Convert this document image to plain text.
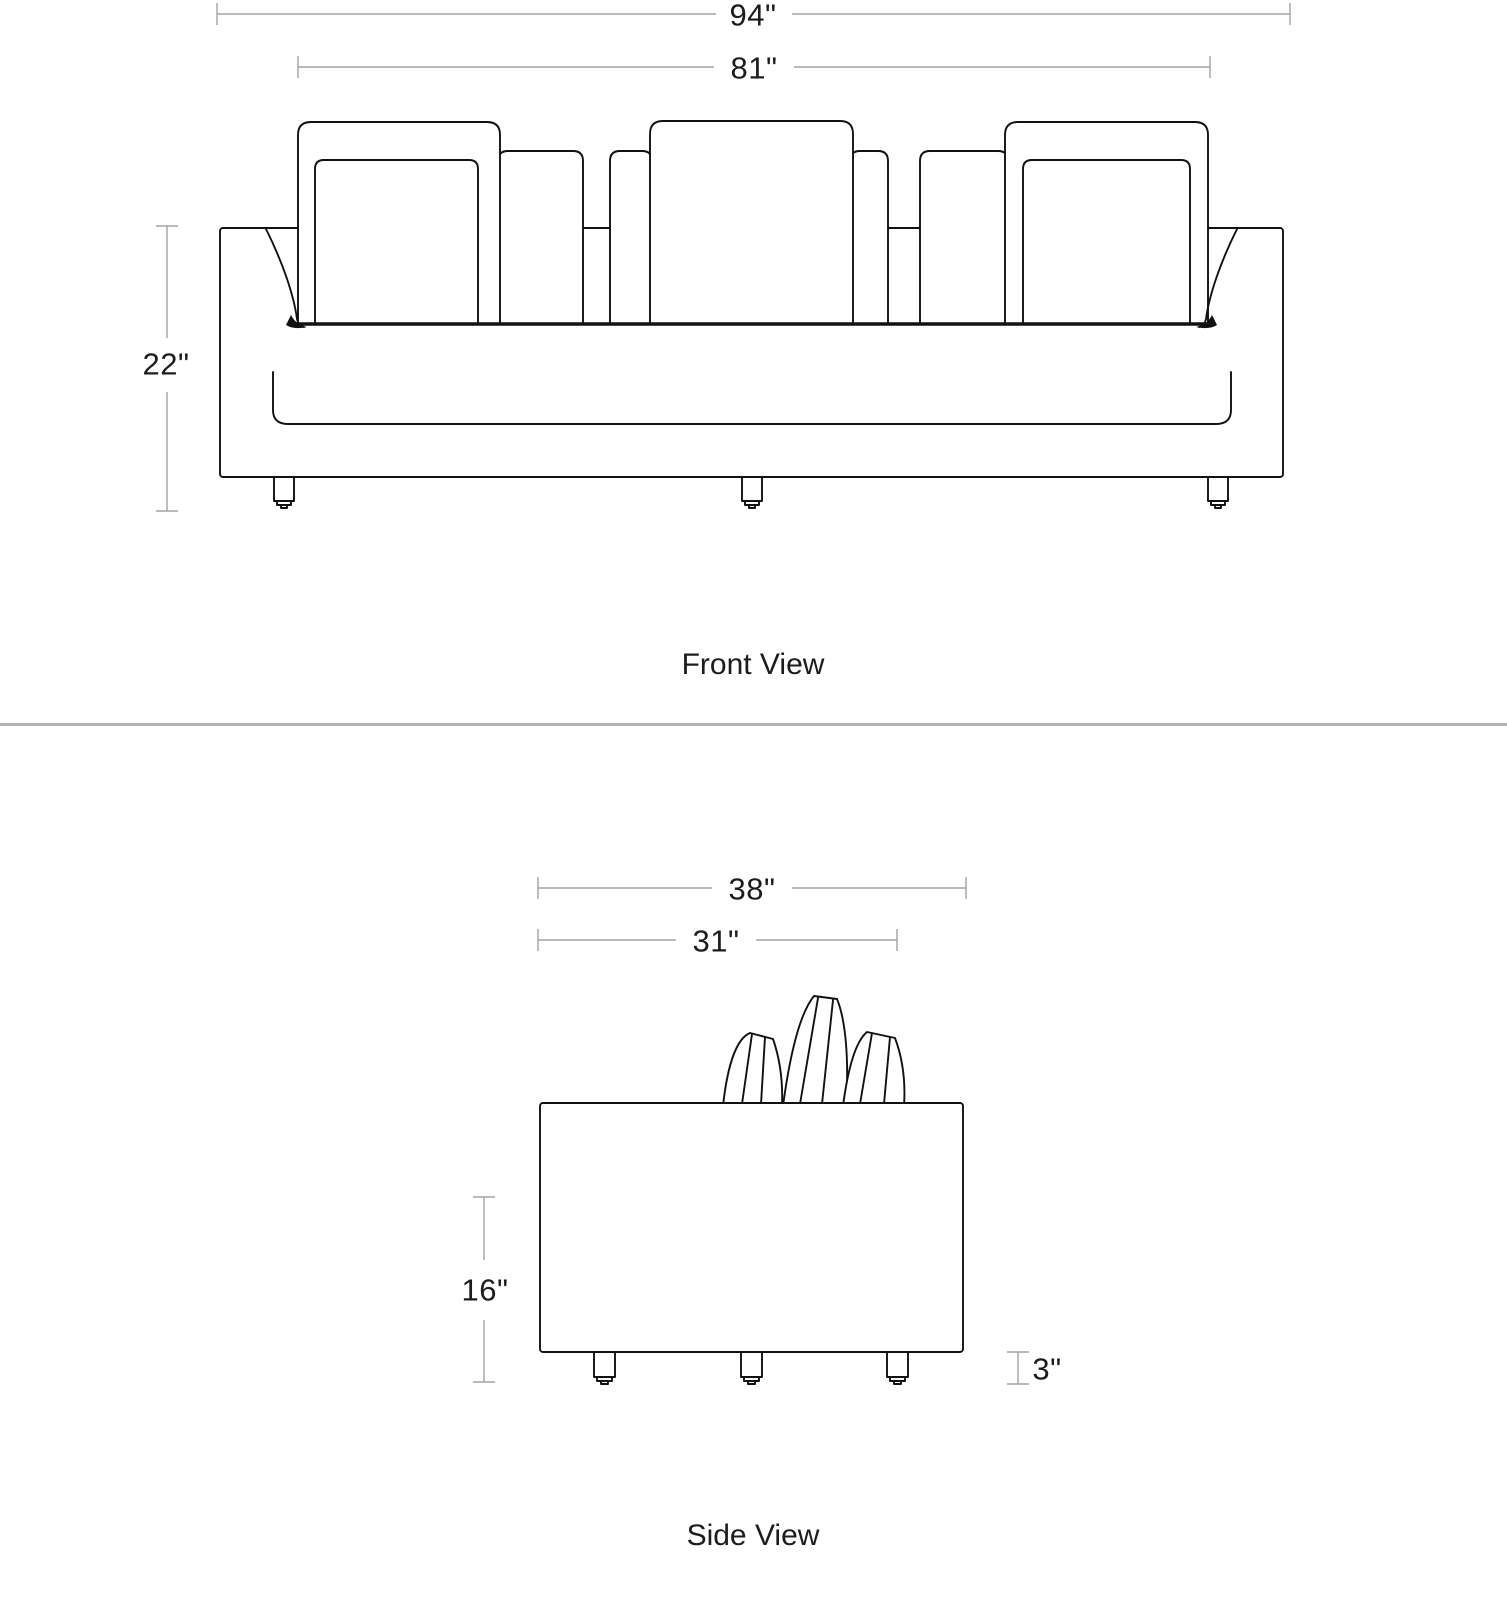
94"
81"
22"
Front View
38"
31"
16"
3"
Side View
